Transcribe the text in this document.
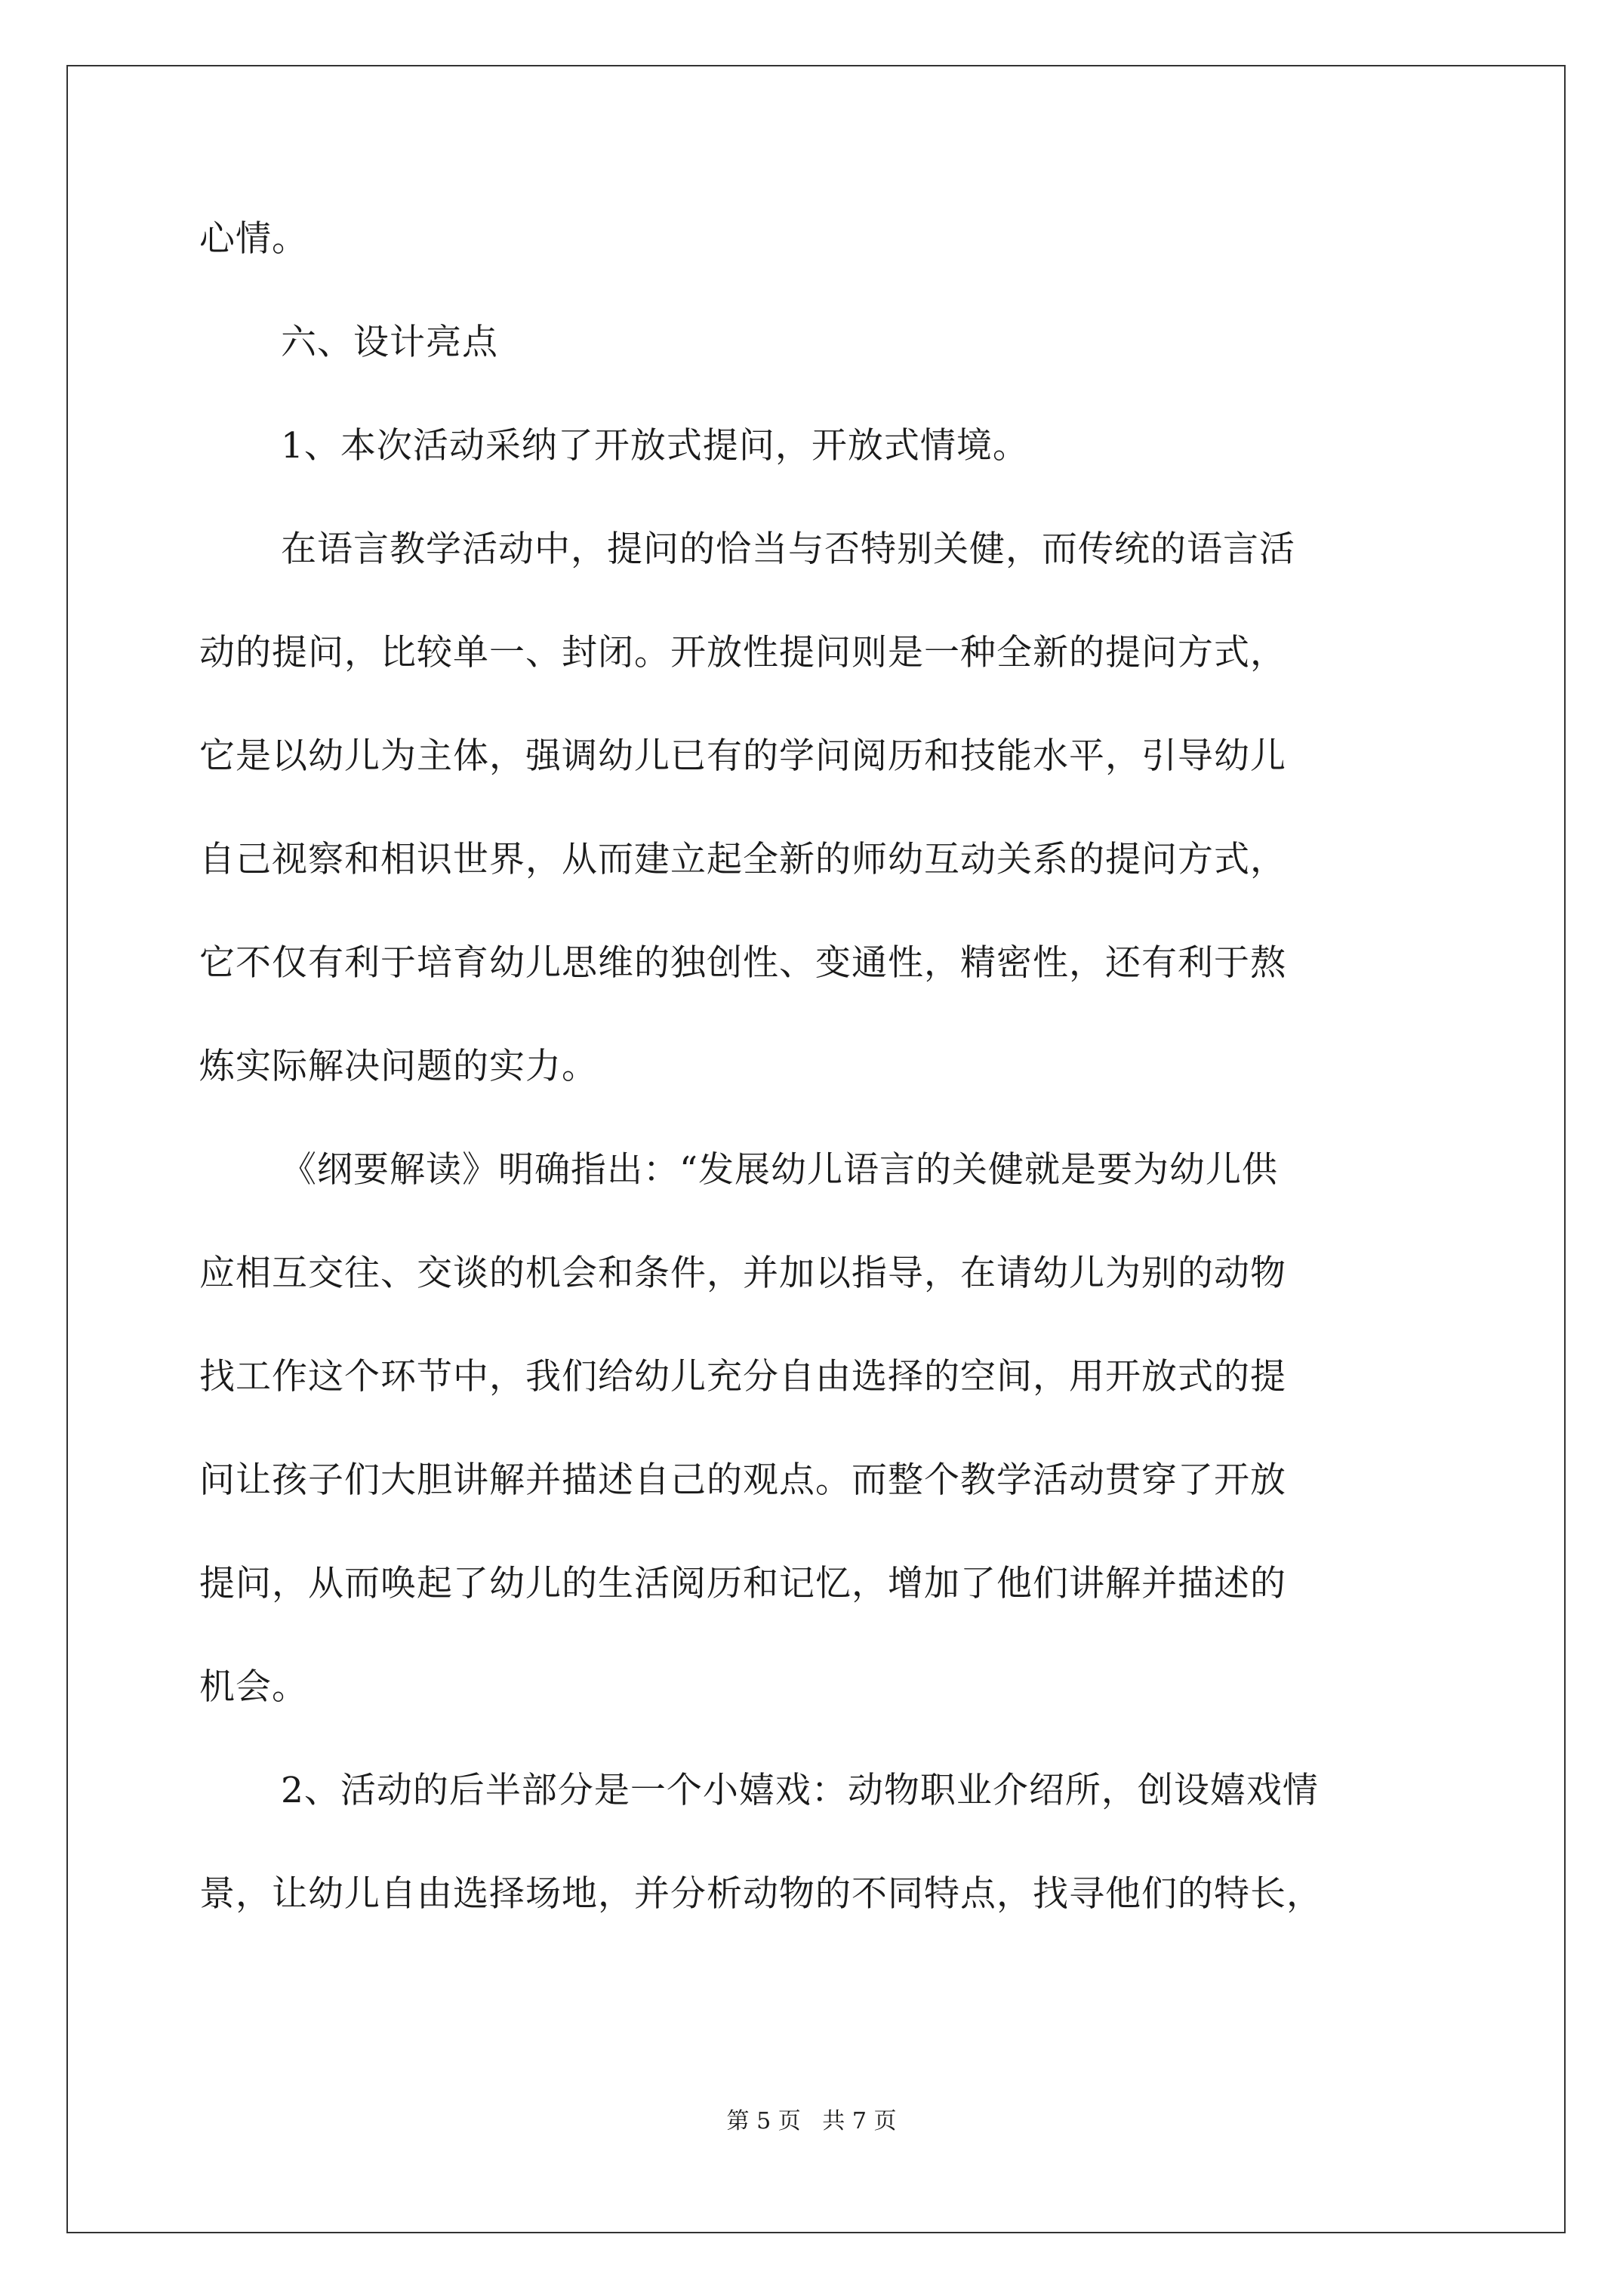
心情。
六、设计亮点
1、本次活动采纳了开放式提问，开放式情境。
在语言教学活动中，提问的恰当与否特别关健，而传统的语言活
动的提问，比较单一、封闭。开放性提问则是一种全新的提问方式，
它是以幼儿为主体，强调幼儿已有的学问阅历和技能水平，引导幼儿
自己视察和相识世界，从而建立起全新的师幼互动关系的提问方式，
它不仅有利于培育幼儿思维的独创性、变通性，精密性，还有利于熬
炼实际解决问题的实力。
《纲要解读》明确指出：“发展幼儿语言的关健就是要为幼儿供
应相互交往、交谈的机会和条件，并加以指导，在请幼儿为别的动物
找工作这个环节中，我们给幼儿充分自由选择的空间，用开放式的提
问让孩子们大胆讲解并描述自己的观点。而整个教学活动贯穿了开放
提问，从而唤起了幼儿的生活阅历和记忆，增加了他们讲解并描述的
机会。
2、活动的后半部分是一个小嬉戏：动物职业介绍所，创设嬉戏情
景，让幼儿自由选择场地，并分析动物的不同特点，找寻他们的特长，
第 5 页   共 7 页
